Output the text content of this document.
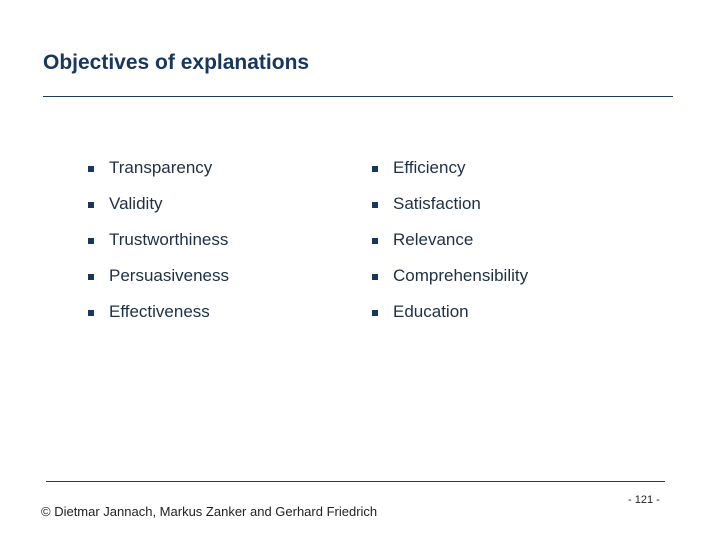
Objectives of explanations
Transparency
Validity
Trustworthiness
Persuasiveness
Effectiveness
Efficiency
Satisfaction
Relevance
Comprehensibility
Education
© Dietmar Jannach, Markus Zanker and Gerhard Friedrich
- 121 -
